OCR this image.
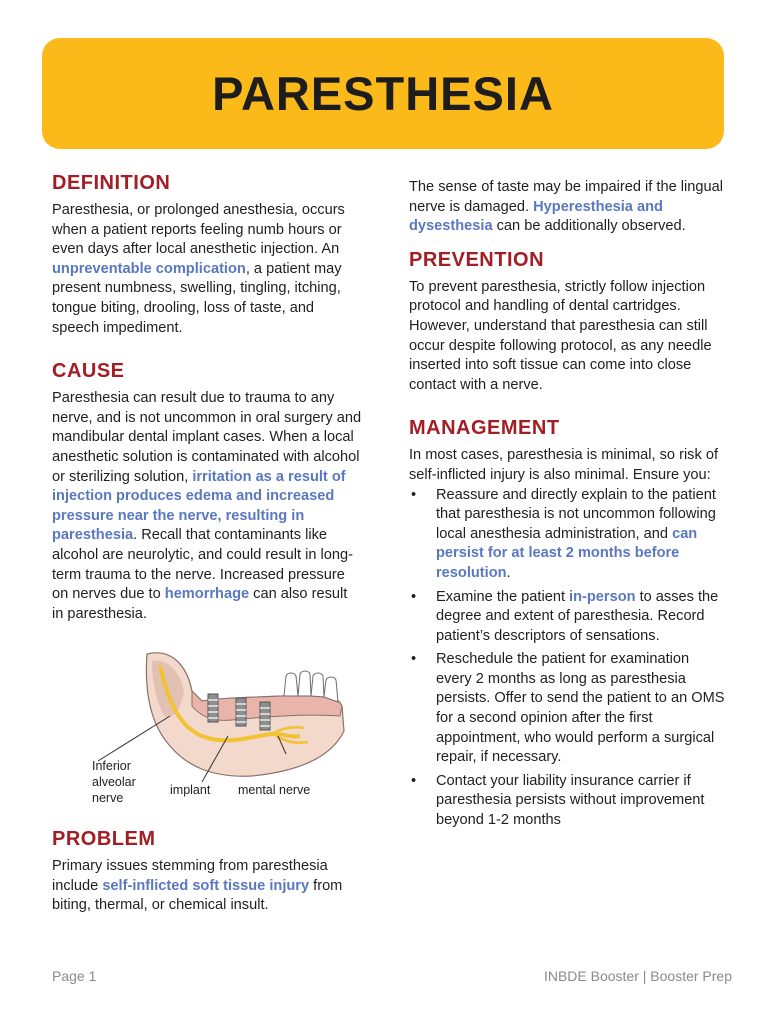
PARESTHESIA
DEFINITION

Paresthesia, or prolonged anesthesia, occurs when a patient reports feeling numb hours or even days after local anesthetic injection. An unpreventable complication, a patient may present numbness, swelling, tingling, itching, tongue biting, drooling, loss of taste, and speech impediment.

CAUSE

Paresthesia can result due to trauma to any nerve, and is not uncommon in oral surgery and mandibular dental implant cases. When a local anesthetic solution is contaminated with alcohol or sterilizing solution, irritation as a result of injection produces edema and increased pressure near the nerve, resulting in paresthesia. Recall that contaminants like alcohol are neurolytic, and could result in long-term trauma to the nerve. Increased pressure on nerves due to hemorrhage can also result in paresthesia.

Inferior alveolar nerve
implant mental nerve
PROBLEM

Primary issues stemming from paresthesia include self-inflicted soft tissue injury from biting, thermal, or chemical insult.

The sense of taste may be impaired if the lingual nerve is damaged. Hyperesthesia and dysesthesia can be additionally observed.

PREVENTION

To prevent paresthesia, strictly follow injection protocol and handling of dental cartridges. However, understand that paresthesia can still occur despite following protocol, as any needle inserted into soft tissue can come into close contact with a nerve.

MANAGEMENT

In most cases, paresthesia is minimal, so risk of self-inflicted injury is also minimal. Ensure you:

• Reassure and directly explain to the patient that paresthesia is not uncommon following local anesthesia administration, and can persist for at least 2 months before resolution.
• Examine the patient in-person to asses the degree and extent of paresthesia. Record patient’s descriptors of sensations.
• Reschedule the patient for examination every 2 months as long as paresthesia persists. Offer to send the patient to an OMS for a second opinion after the first appointment, who would perform a surgical repair, if necessary.
• Contact your liability insurance carrier if paresthesia persists without improvement beyond 1-2 months
Page 1	INBDE Booster | Booster Prep
